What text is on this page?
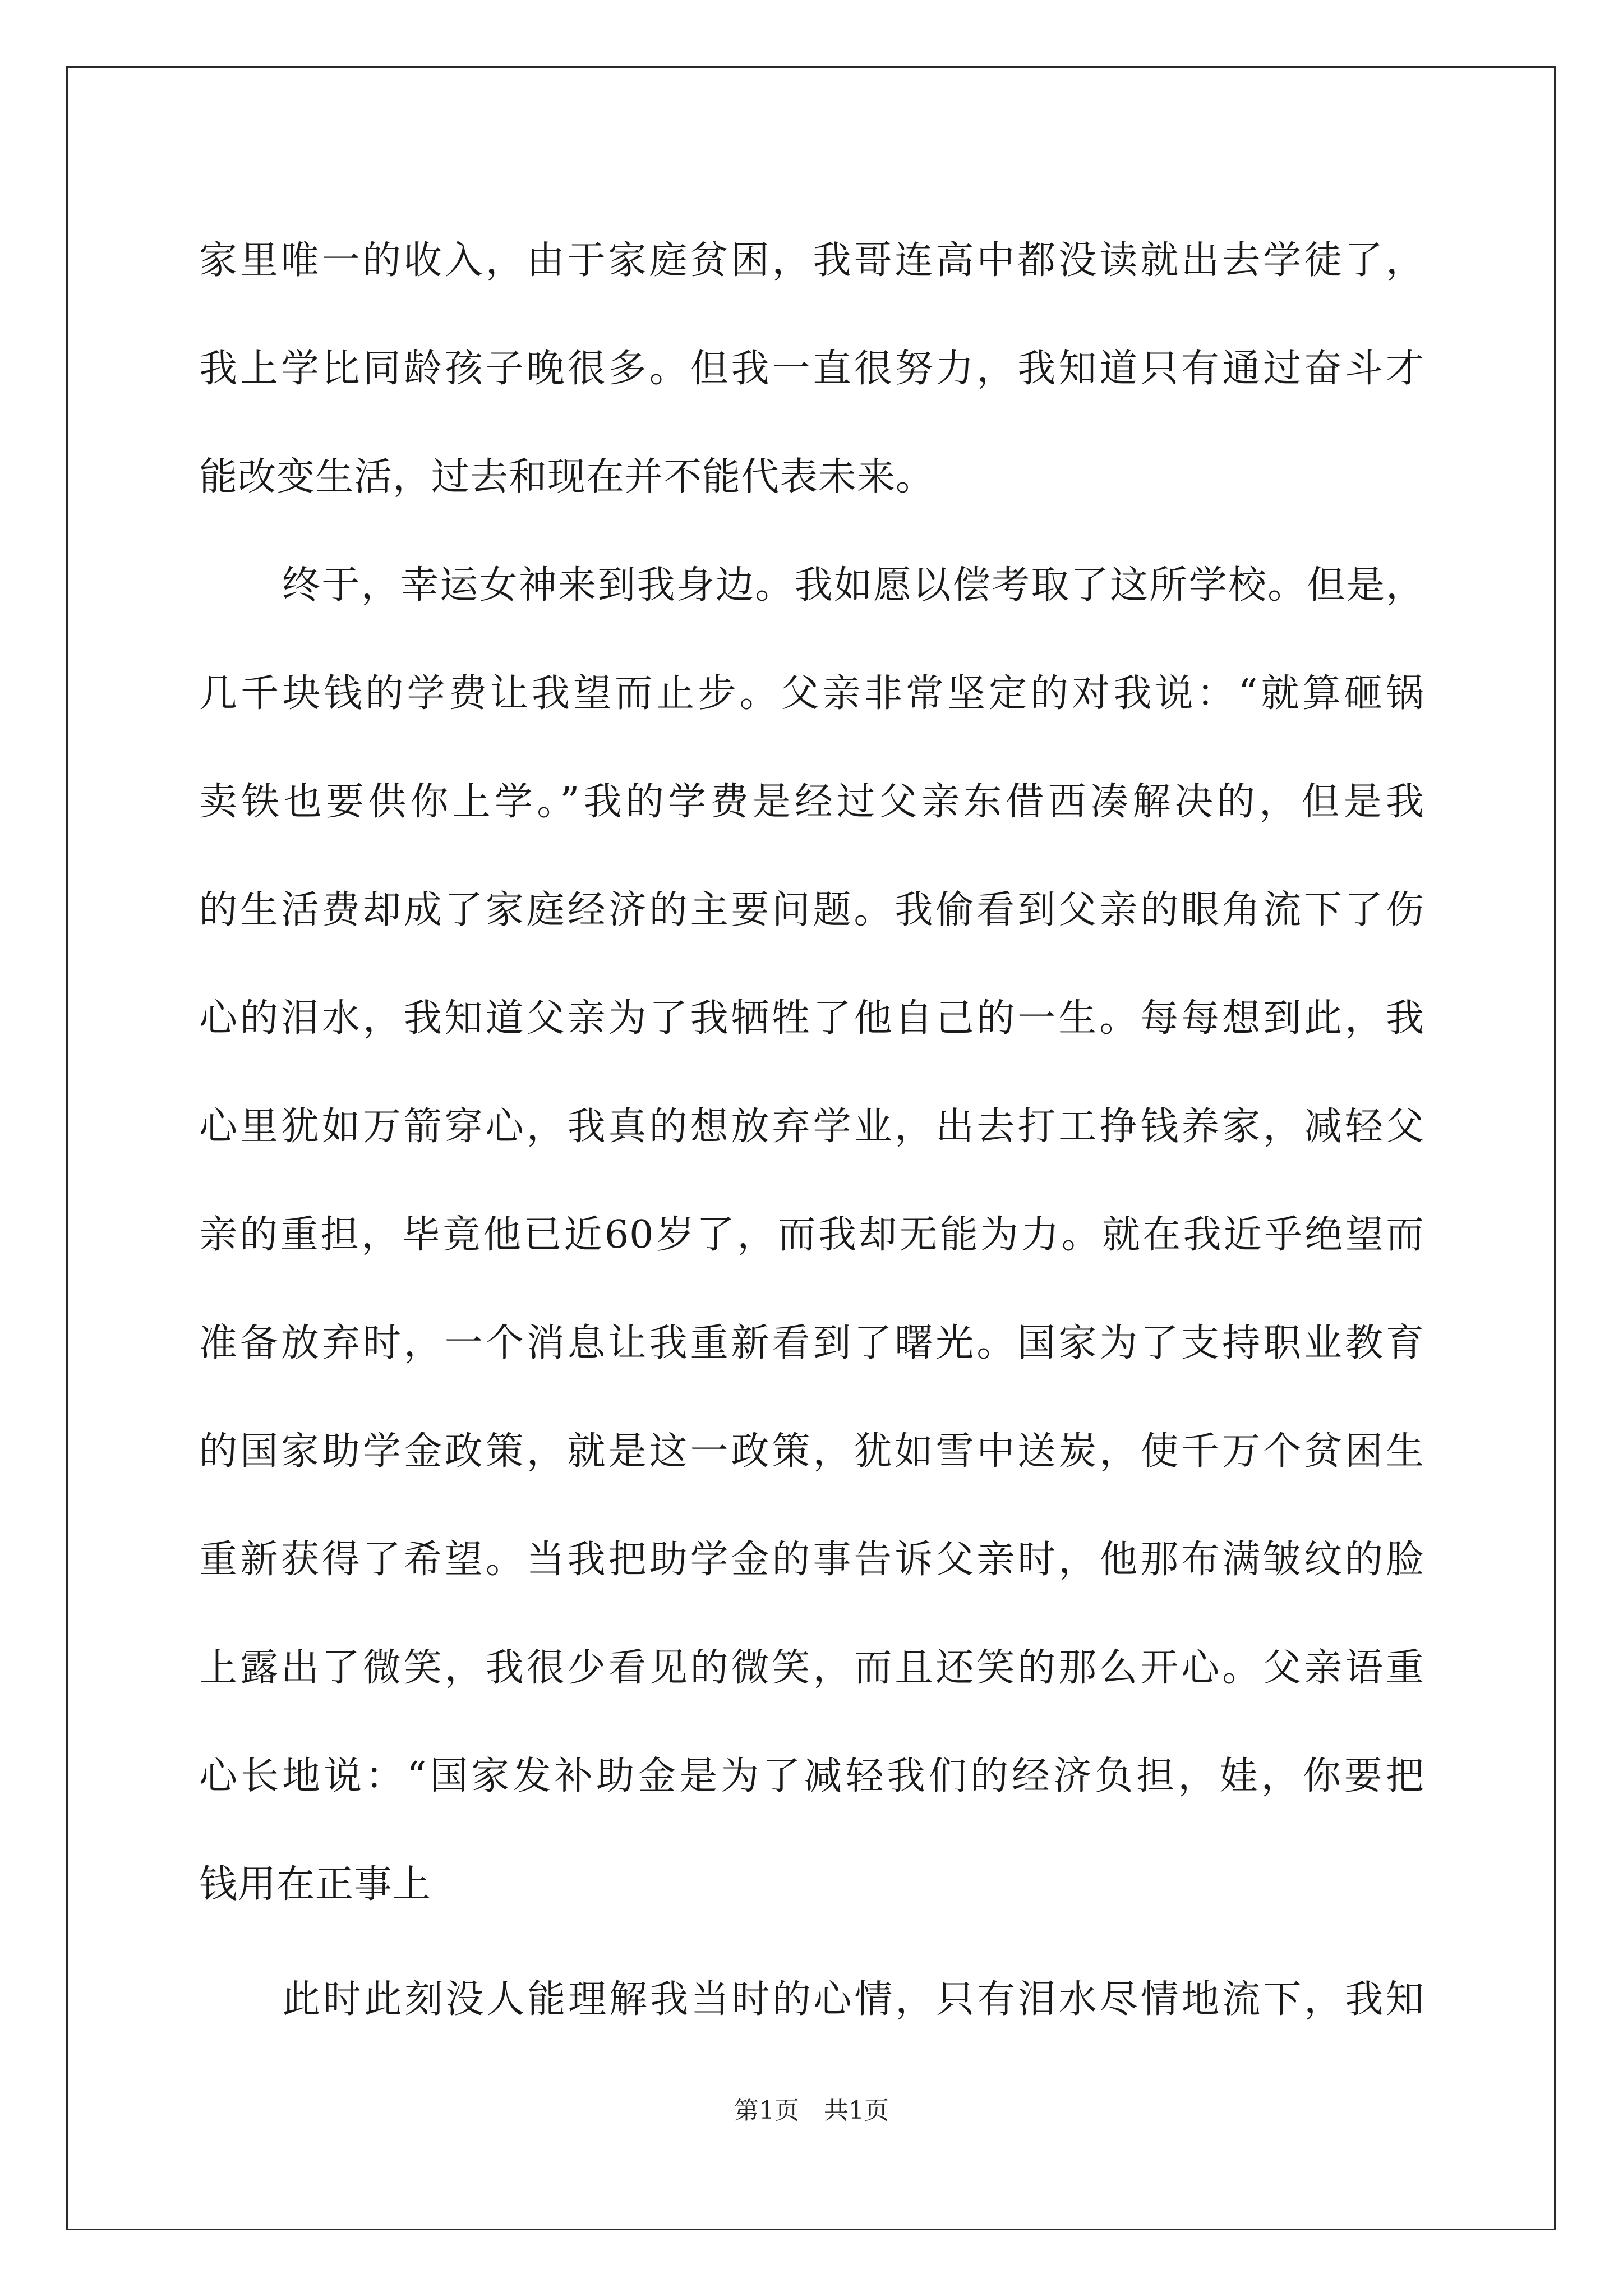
家里唯一的收入，由于家庭贫困，我哥连高中都没读就出去学徒了，
我上学比同龄孩子晚很多。但我一直很努力，我知道只有通过奋斗才
能改变生活，过去和现在并不能代表未来。
终于，幸运女神来到我身边。我如愿以偿考取了这所学校。但是，
几千块钱的学费让我望而止步。父亲非常坚定的对我说：“就算砸锅
卖铁也要供你上学。”我的学费是经过父亲东借西凑解决的，但是我
的生活费却成了家庭经济的主要问题。我偷看到父亲的眼角流下了伤
心的泪水，我知道父亲为了我牺牲了他自己的一生。每每想到此，我
心里犹如万箭穿心，我真的想放弃学业，出去打工挣钱养家，减轻父
亲的重担，毕竟他已近60岁了，而我却无能为力。就在我近乎绝望而
准备放弃时，一个消息让我重新看到了曙光。国家为了支持职业教育
的国家助学金政策，就是这一政策，犹如雪中送炭，使千万个贫困生
重新获得了希望。当我把助学金的事告诉父亲时，他那布满皱纹的脸
上露出了微笑，我很少看见的微笑，而且还笑的那么开心。父亲语重
心长地说：“国家发补助金是为了减轻我们的经济负担，娃，你要把
钱用在正事上
此时此刻没人能理解我当时的心情，只有泪水尽情地流下，我知
第1页 共1页
